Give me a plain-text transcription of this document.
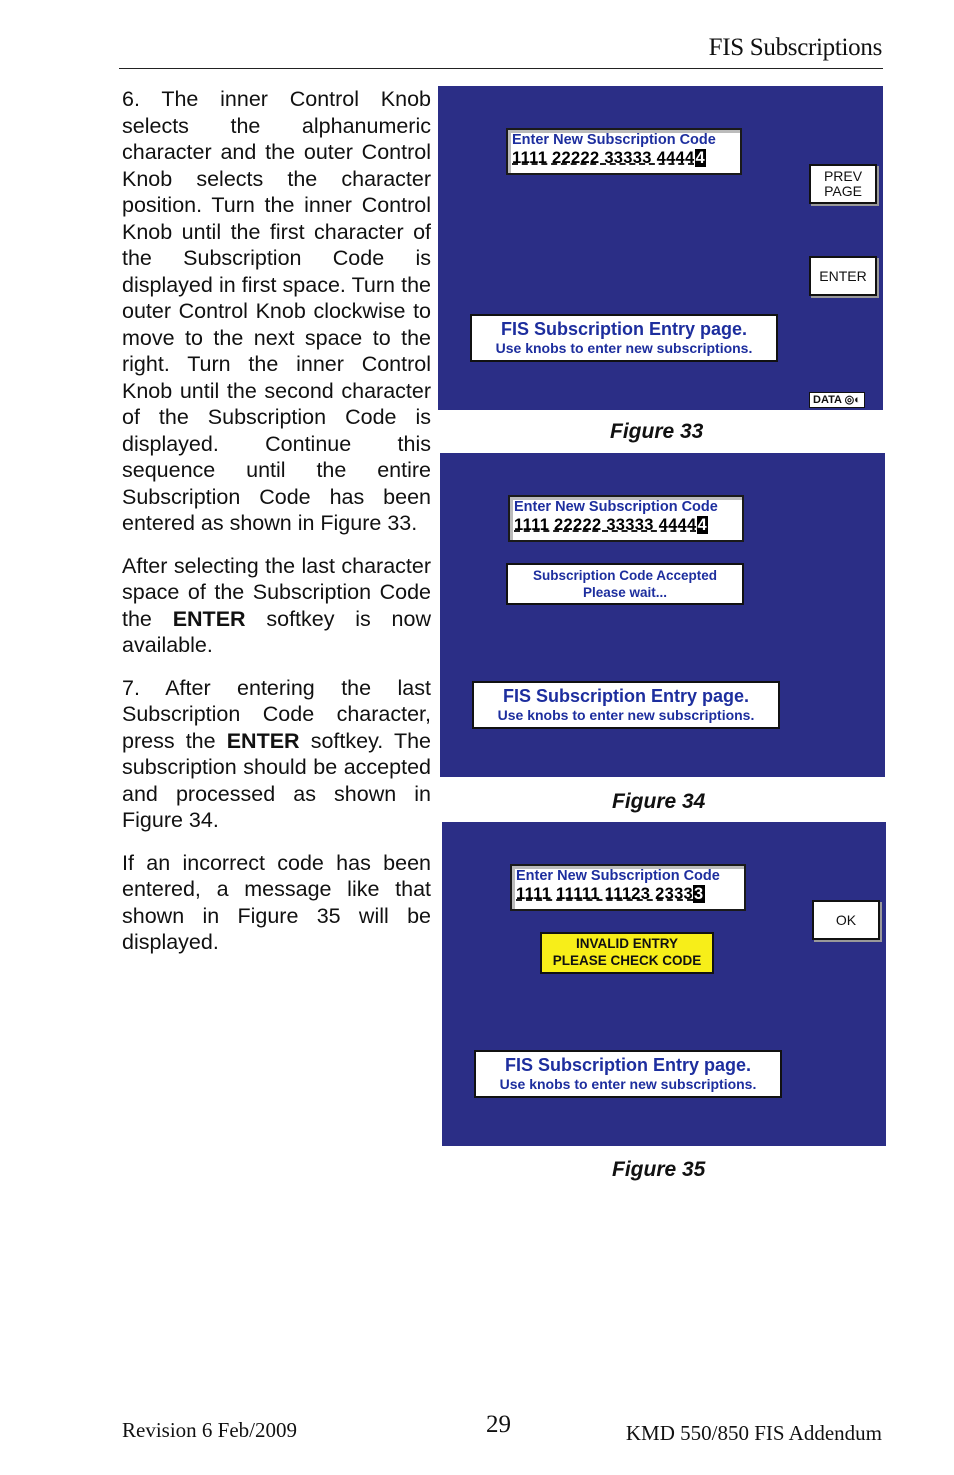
FIS Subscriptions

6. The inner Control Knob selects the alphanumeric character and the outer Control Knob selects the character position. Turn the inner Control Knob until the first character of the Subscription Code is displayed in first space. Turn the outer Control Knob clockwise to move to the next space to the right. Turn the inner Control Knob until the second character of the Subscription Code is displayed. Continue this sequence until the entire Subscription Code has been entered as shown in Figure 33.

After selecting the last character space of the Subscription Code the ENTER softkey is now available.

7. After entering the last Subscription Code character, press the ENTER softkey. The subscription should be accepted and processed as shown in Figure 34.

If an incorrect code has been entered, a message like that shown in Figure 35 will be displayed.

Enter New Subscription Code
1111 22222 33333 44444
PREV
PAGE
ENTER
FIS Subscription Entry page.
Use knobs to enter new subscriptions.
DATA ◎◐
Figure 33
Enter New Subscription Code
1111 22222 33333 44444
Subscription Code Accepted
Please wait...
FIS Subscription Entry page.
Use knobs to enter new subscriptions.
Figure 34
Enter New Subscription Code
1111 11111 11123 23333
OK
INVALID ENTRY
PLEASE CHECK CODE
FIS Subscription Entry page.
Use knobs to enter new subscriptions.
Figure 35
Revision 6 Feb/2009	29	KMD 550/850 FIS Addendum
